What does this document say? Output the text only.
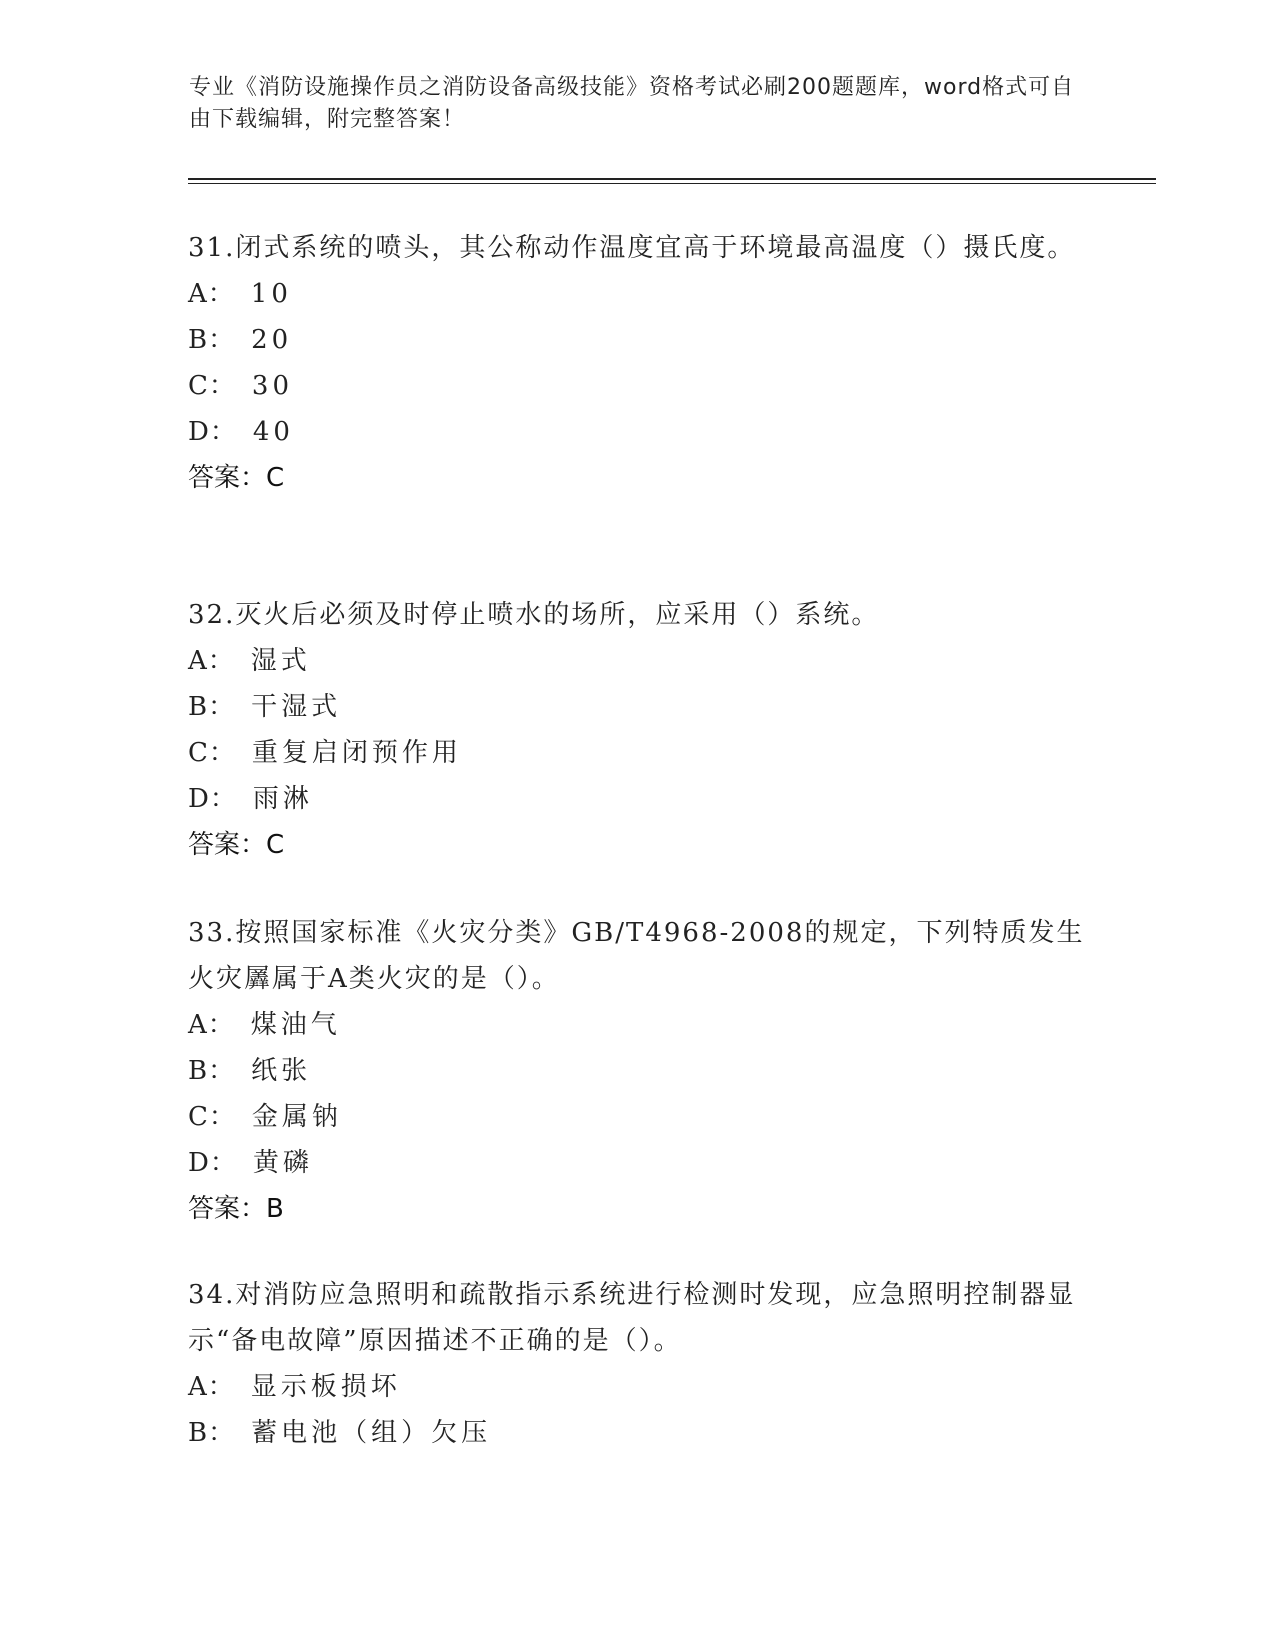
专业《消防设施操作员之消防设备高级技能》资格考试必刷200题题库，word格式可自由下载编辑，附完整答案！

31.闭式系统的喷头，其公称动作温度宜高于环境最高温度（）摄氏度。

A： 10

B： 20

C： 30

D： 40

答案：C

32.灭火后必须及时停止喷水的场所，应采用（）系统。

A： 湿式

B： 干湿式

C： 重复启闭预作用

D： 雨淋

答案：C

33.按照国家标准《火灾分类》GB/T4968-2008的规定，下列特质发生火灾羼属于A类火灾的是（）。

A： 煤油气

B： 纸张

C： 金属钠

D： 黄磷

答案：B

34.对消防应急照明和疏散指示系统进行检测时发现，应急照明控制器显示“备电故障”原因描述不正确的是（）。

A： 显示板损坏

B： 蓄电池（组）欠压
